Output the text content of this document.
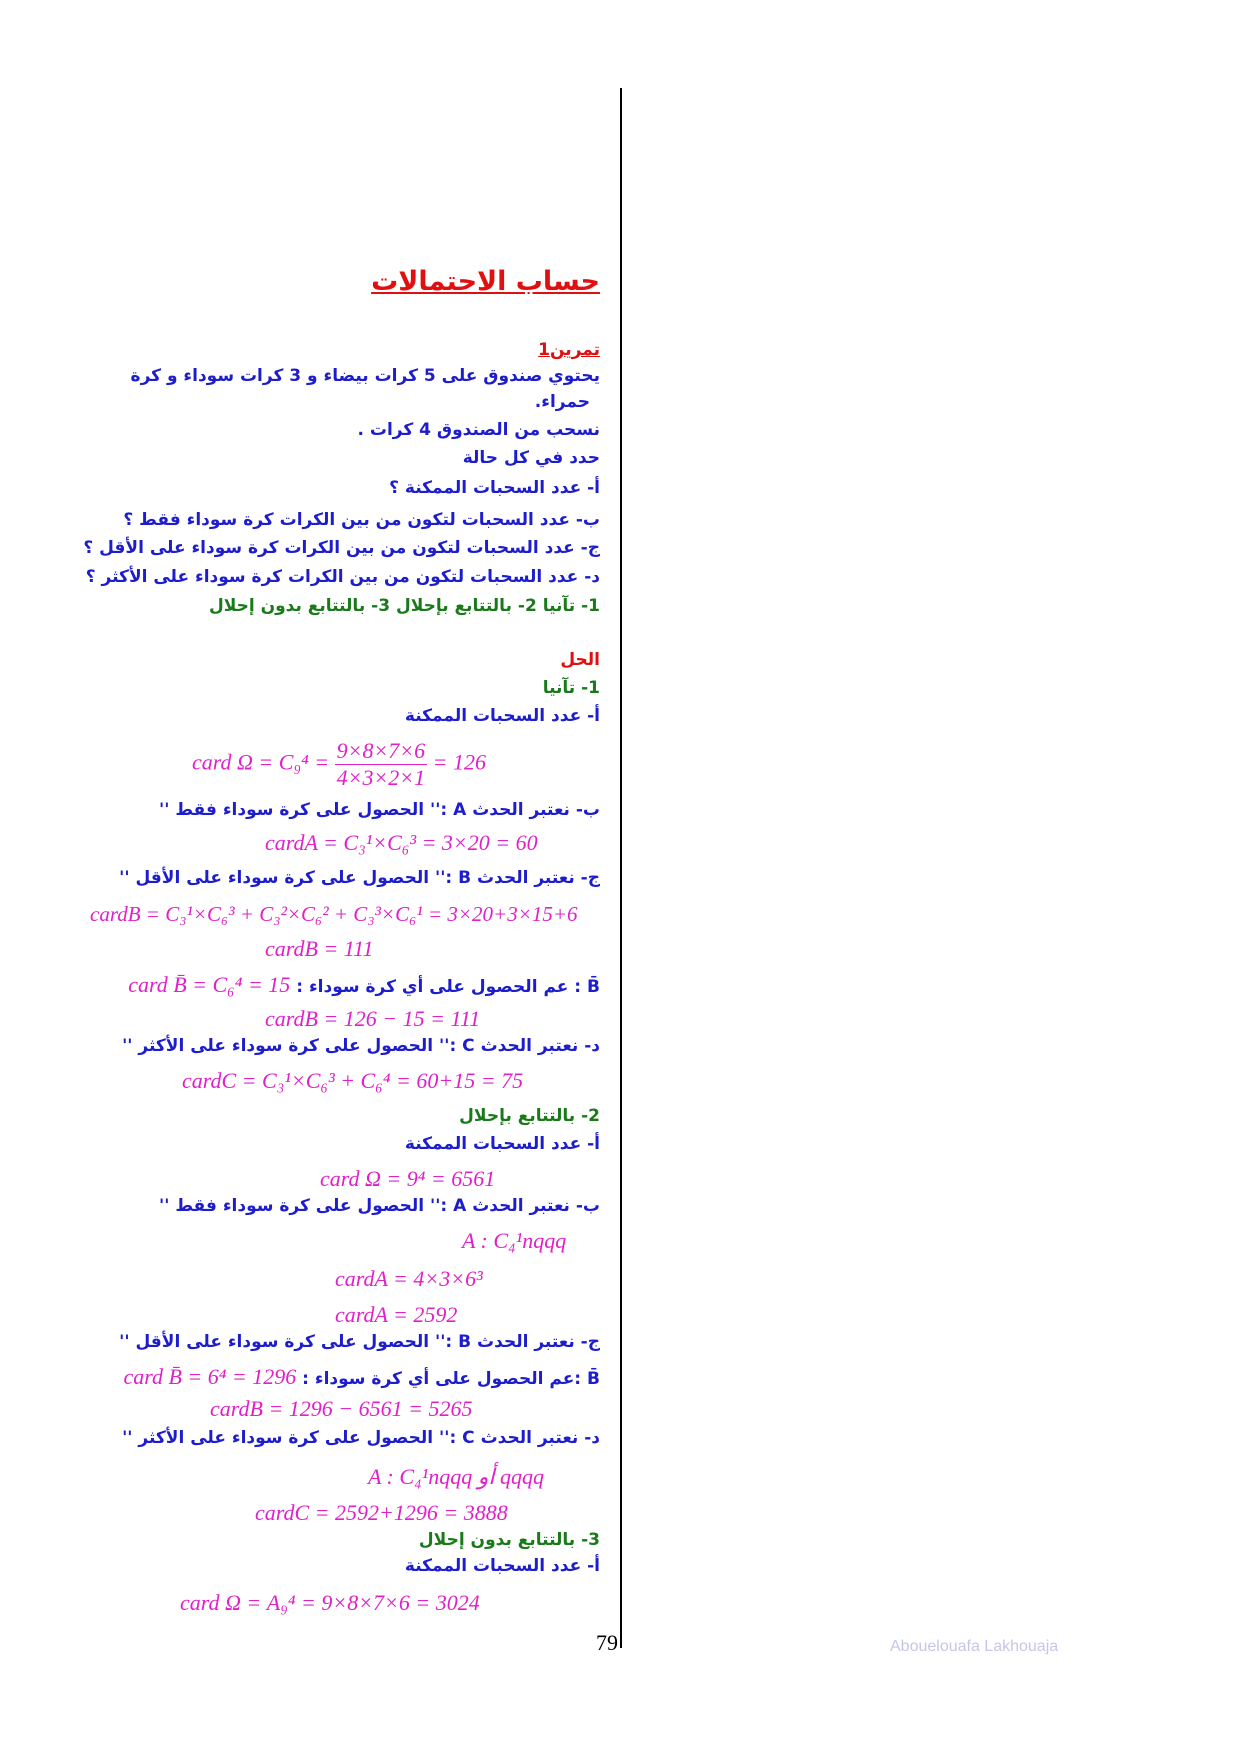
حساب الاحتمالات
تمرين1
يحتوي صندوق على 5 كرات بيضاء و 3 كرات سوداء و كرة
حمراء.
نسحب من الصندوق 4 كرات .
حدد في كل حالة
أ- عدد السحبات الممكنة ؟
ب- عدد السحبات لتكون من بين الكرات كرة سوداء فقط ؟
ج- عدد السحبات لتكون من بين الكرات كرة سوداء على الأقل ؟
د- عدد السحبات لتكون من بين الكرات كرة سوداء على الأكثر ؟
1- تآنيا 2- بالتتابع بإحلال 3- بالتتابع بدون إحلال
الحل
1- تآنيا
أ- عدد السحبات الممكنة
card $\Omega = C_9^4 = \frac{9\times 8\times 7\times 6}{4\times 3\times 2\times 1} = 126$
ب- نعتبر الحدث A :'' الحصول على كرة سوداء فقط ''
cardA = C₃¹×C₆³ = 3×20 = 60
ج- نعتبر الحدث B :'' الحصول على كرة سوداء على الأقل ''
cardB = C₃¹×C₆³ + C₃²×C₆² + C₃³×C₆¹ = 3×20+3×15+6
cardB = 111
B̄ : عم الحصول على أي كرة سوداء : card B̄ = C₆⁴ = 15
cardB = 126 − 15 = 111
د- نعتبر الحدث C :'' الحصول على كرة سوداء على الأكثر ''
cardC = C₃¹×C₆³ + C₆⁴ = 60+15 = 75
2- بالتتابع بإحلال
أ- عدد السحبات الممكنة
card Ω = 9⁴ = 6561
ب- نعتبر الحدث A :'' الحصول على كرة سوداء فقط ''
A : C₄¹nqqq
cardA = 4×3×6³
cardA = 2592
ج- نعتبر الحدث B :'' الحصول على كرة سوداء على الأقل ''
B̄ :عم الحصول على أي كرة سوداء : card B̄ = 6⁴ = 1296
cardB = 1296 − 6561 = 5265
د- نعتبر الحدث C :'' الحصول على كرة سوداء على الأكثر ''
A : C₄¹nqqq أو qqqq
cardC = 2592+1296 = 3888
3- بالتتابع بدون إحلال
أ- عدد السحبات الممكنة
card Ω = A₉⁴ = 9×8×7×6 = 3024
79	Abouelouafa Lakhouaja
